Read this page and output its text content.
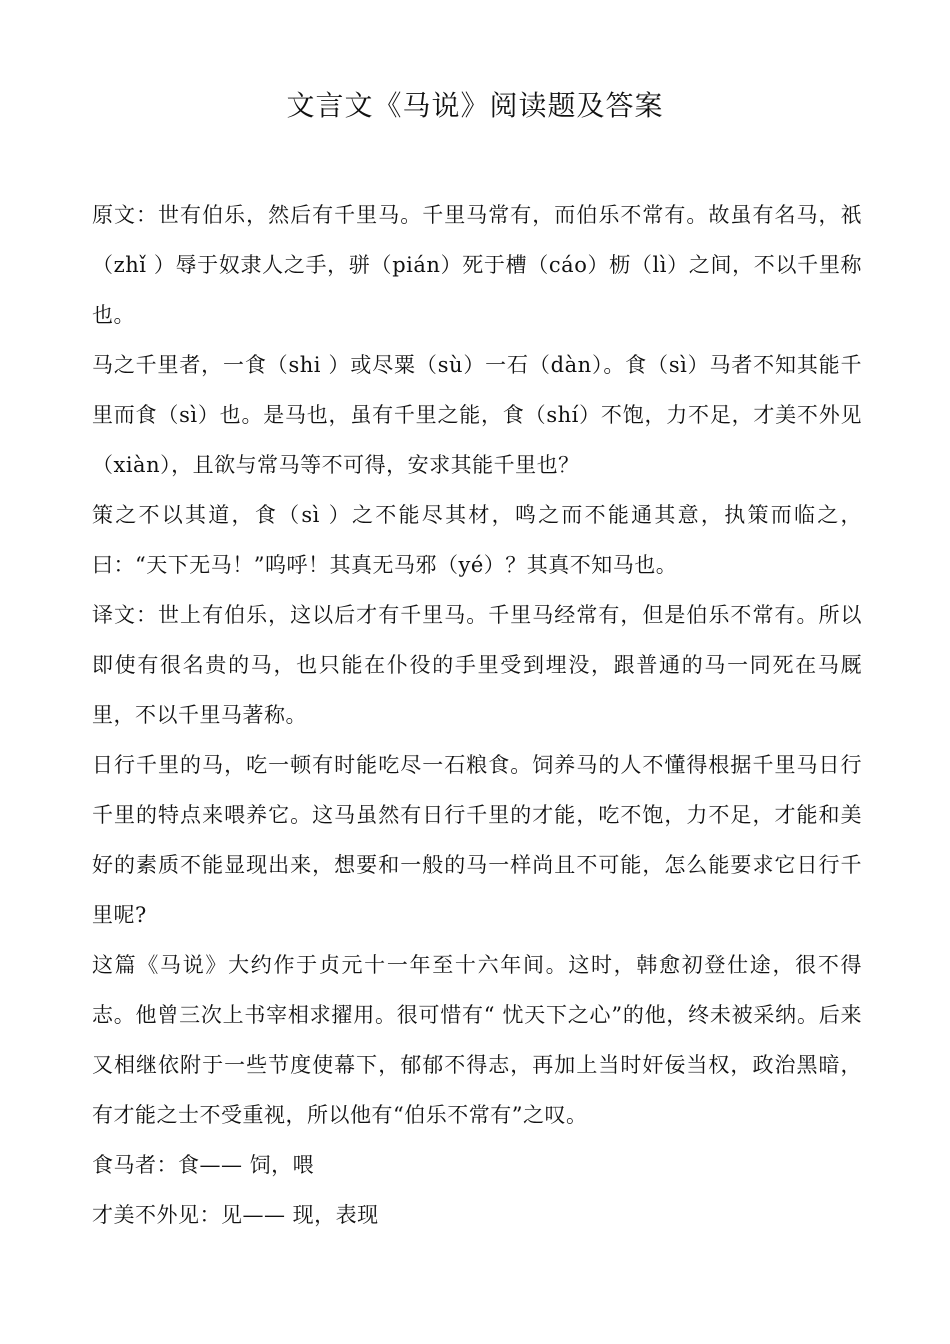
文言文《马说》阅读题及答案

原文：世有伯乐，然后有千里马。千里马常有，而伯乐不常有。故虽有名马，祇（zhǐ ）辱于奴隶人之手，骈（pián）死于槽（cáo）枥（lì）之间，不以千里称也。

马之千里者，一食（shi ）或尽粟（sù）一石（dàn）。食（sì）马者不知其能千里而食（sì）也。是马也，虽有千里之能，食（shí）不饱，力不足，才美不外见（xiàn），且欲与常马等不可得，安求其能千里也？

策之不以其道，食（sì ）之不能尽其材，鸣之而不能通其意，执策而临之，曰：“天下无马！”呜呼！其真无马邪（yé）？其真不知马也。

译文：世上有伯乐，这以后才有千里马。千里马经常有，但是伯乐不常有。所以即使有很名贵的马，也只能在仆役的手里受到埋没，跟普通的马一同死在马厩里，不以千里马著称。

日行千里的马，吃一顿有时能吃尽一石粮食。饲养马的人不懂得根据千里马日行千里的特点来喂养它。这马虽然有日行千里的才能，吃不饱，力不足，才能和美好的素质不能显现出来，想要和一般的马一样尚且不可能，怎么能要求它日行千里呢?

这篇《马说》大约作于贞元十一年至十六年间。这时，韩愈初登仕途，很不得志。他曾三次上书宰相求擢用。很可惜有“ 忧天下之心”的他，终未被采纳。后来又相继依附于一些节度使幕下，郁郁不得志，再加上当时奸佞当权，政治黑暗，有才能之士不受重视，所以他有“伯乐不常有”之叹。

食马者：食—— 饲，喂

才美不外见：见—— 现，表现
